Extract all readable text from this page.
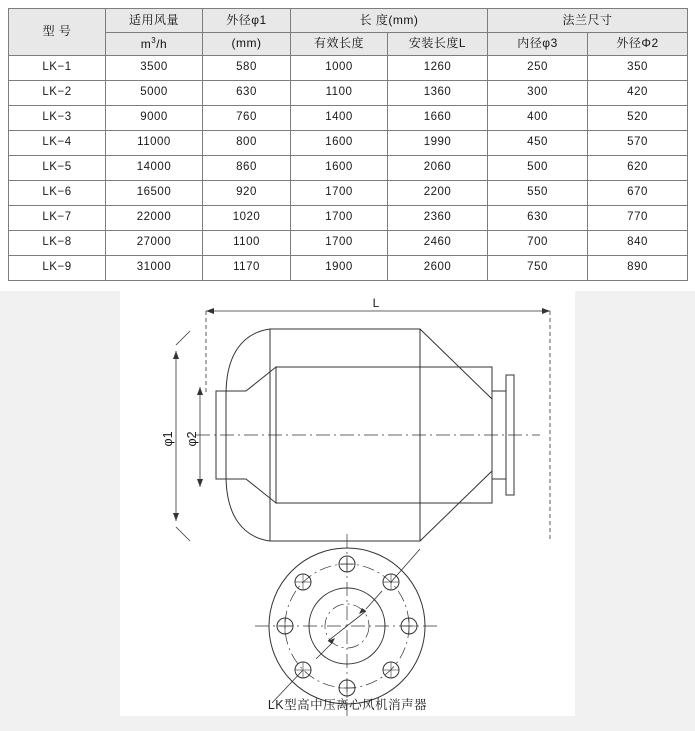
型 号	适用风量	外径φ1	长 度(mm)		法兰尺寸	
	$m^3/h$	(mm)	有效长度	安装长度L	内径φ3	外径Φ2
LK−1	3500	580	1000	1260	250	350
LK−2	5000	630	1100	1360	300	420
LK−3	9000	760	1400	1660	400	520
LK−4	11000	800	1600	1990	450	570
LK−5	14000	860	1600	2060	500	620
LK−6	16500	920	1700	2200	550	670
LK−7	22000	1020	1700	2360	630	770
LK−8	27000	1100	1700	2460	700	840
LK−9	31000	1170	1900	2600	750	890
L
φ1 φ2
LK型高中压离心风机消声器
